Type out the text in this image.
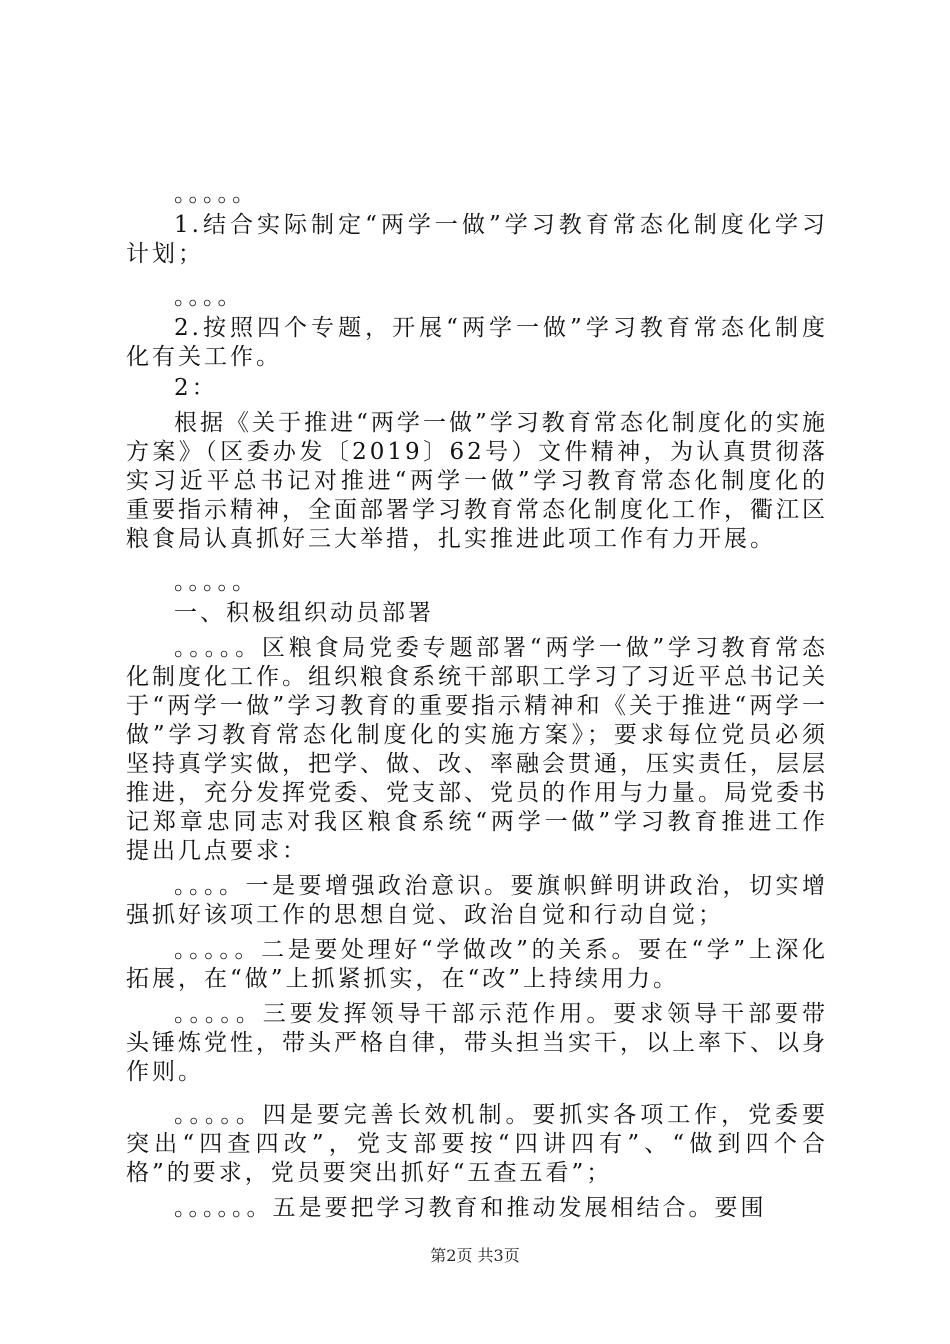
。。。。。

1.结合实际制定“两学一做”学习教育常态化制度化学习计划；

。。。。

2.按照四个专题，开展“两学一做”学习教育常态化制度化有关工作。

2：

根据《关于推进“两学一做”学习教育常态化制度化的实施方案》（区委办发〔2019〕62号）文件精神，为认真贯彻落实习近平总书记对推进“两学一做”学习教育常态化制度化的重要指示精神，全面部署学习教育常态化制度化工作，衢江区粮食局认真抓好三大举措，扎实推进此项工作有力开展。

。。。。。

一、积极组织动员部署

。。。。。区粮食局党委专题部署“两学一做”学习教育常态化制度化工作。组织粮食系统干部职工学习了习近平总书记关于“两学一做”学习教育的重要指示精神和《关于推进“两学一做”学习教育常态化制度化的实施方案》；要求每位党员必须坚持真学实做，把学、做、改、率融会贯通，压实责任，层层推进，充分发挥党委、党支部、党员的作用与力量。局党委书记郑章忠同志对我区粮食系统“两学一做”学习教育推进工作提出几点要求：

。。。。一是要增强政治意识。要旗帜鲜明讲政治，切实增强抓好该项工作的思想自觉、政治自觉和行动自觉；

。。。。。二是要处理好“学做改”的关系。要在“学”上深化拓展，在“做”上抓紧抓实，在“改”上持续用力。

。。。。。三要发挥领导干部示范作用。要求领导干部要带头锤炼党性，带头严格自律，带头担当实干，以上率下、以身作则。

。。。。。四是要完善长效机制。要抓实各项工作，党委要突出“四查四改”，党支部要按“四讲四有”、“做到四个合格”的要求，党员要突出抓好“五查五看”；

。。。。。。五是要把学习教育和推动发展相结合。要围

第2页 共3页
